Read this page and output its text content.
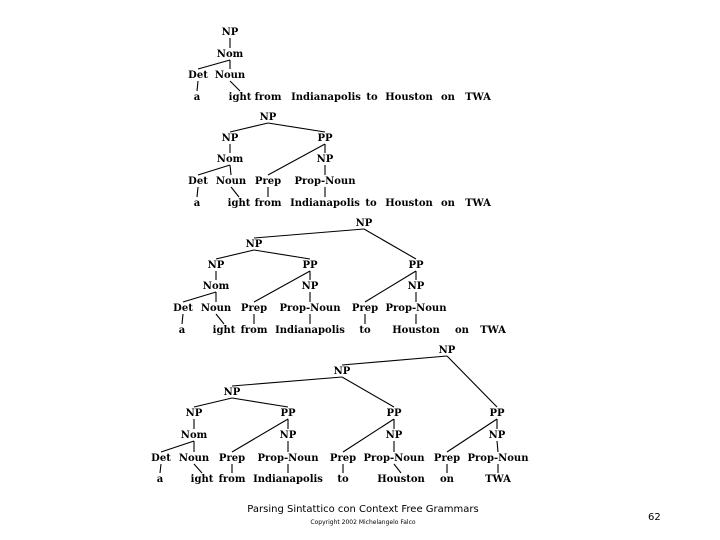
NP
Nom
Det Noun
a	ight from Indianapolis to Houston on TWA
NP
NP	PP
Nom	NP
Det Noun Prep Prop-Noun
a	ight from Indianapolis to Houston on TWA
NP
NP
NP	PP	PP
Nom	NP	NP
Det Noun Prep Prop-Noun Prep Prop-Noun
a	ight from Indianapolis to Houston on TWA
NP
NP
NP
NP	PP	PP	PP
Nom	NP	NP	NP
Det Noun Prep Prop-Noun Prep Prop-Noun Prep Prop-Noun
a	ight from Indianapolis to	Houston on	TWA
Parsing Sintattico con Context Free Grammars
Copyright 2002 Michelangelo Falco	62
